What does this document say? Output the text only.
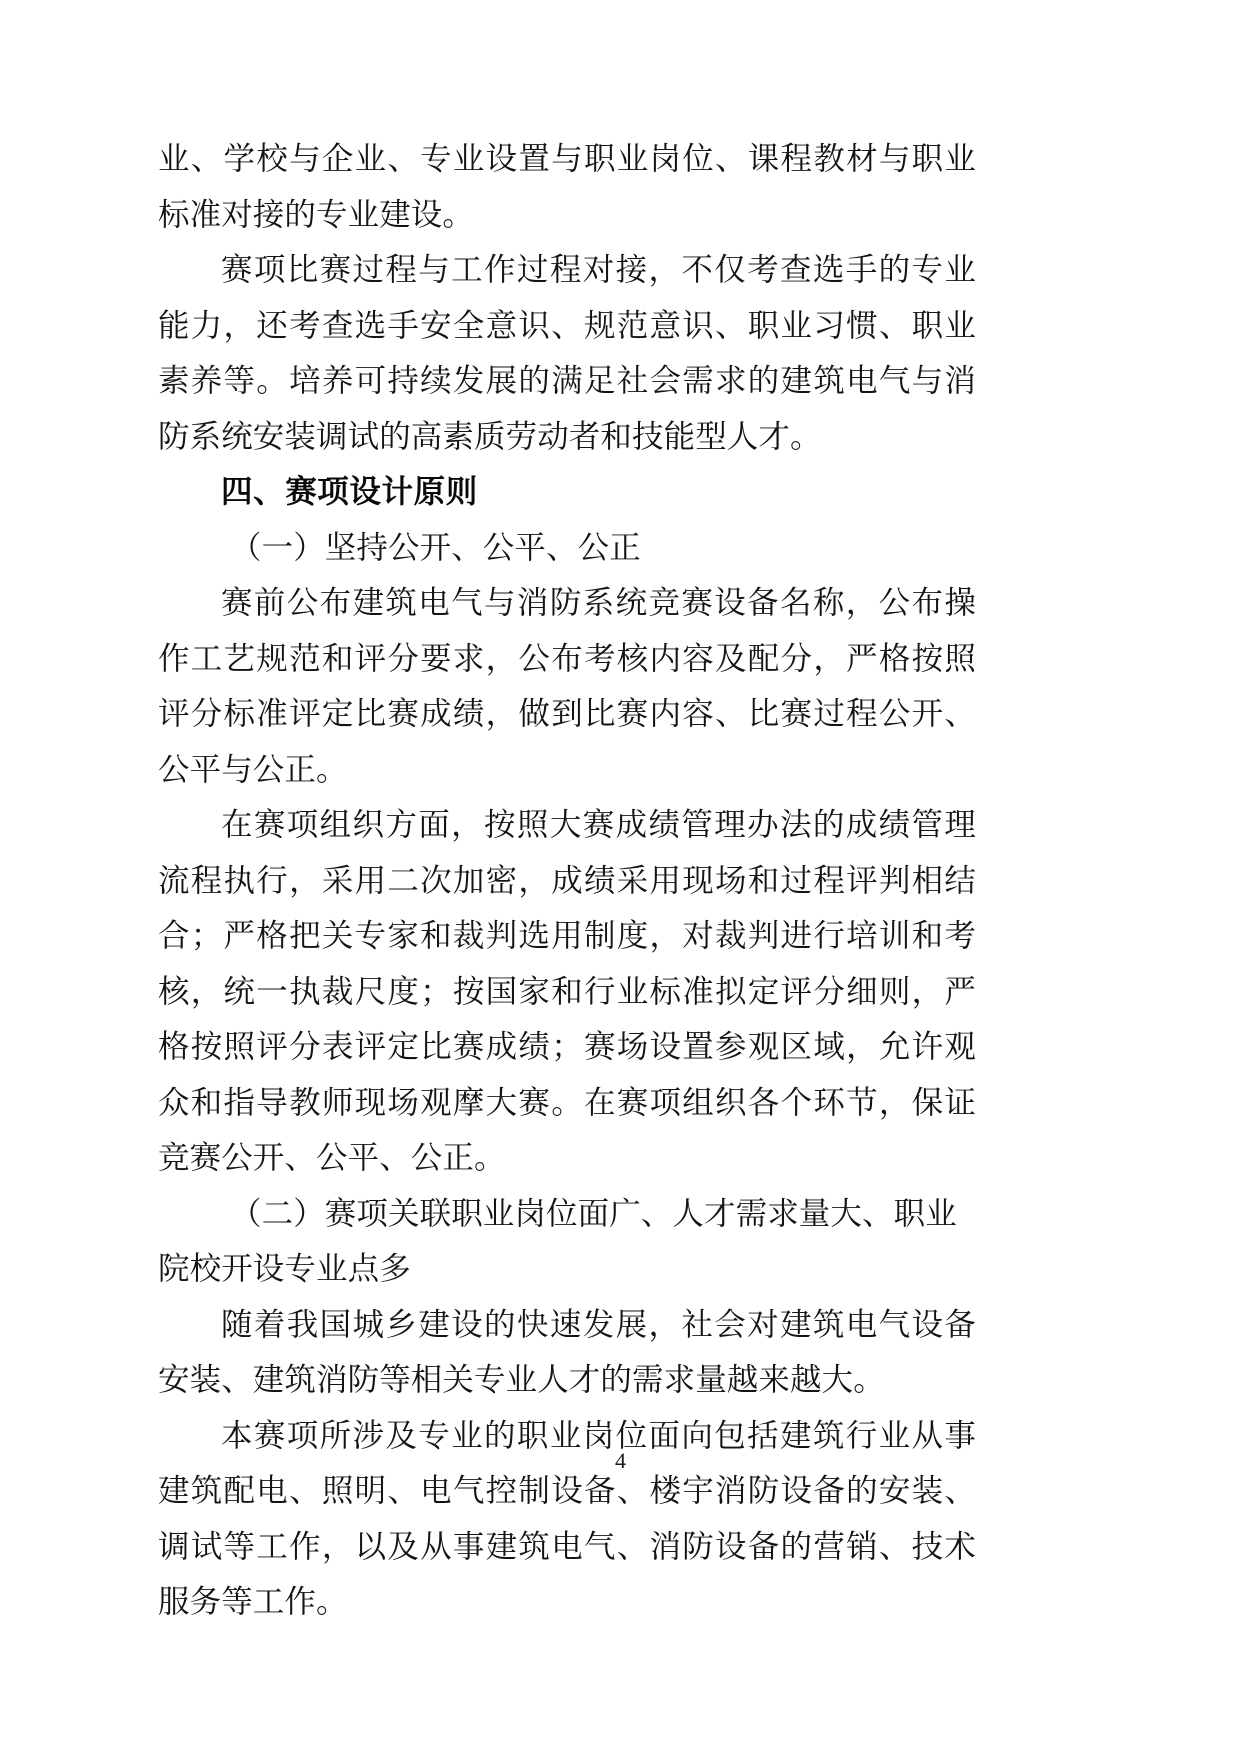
业、学校与企业、专业设置与职业岗位、课程教材与职业标准对接的专业建设。

赛项比赛过程与工作过程对接，不仅考查选手的专业能力，还考查选手安全意识、规范意识、职业习惯、职业素养等。培养可持续发展的满足社会需求的建筑电气与消防系统安装调试的高素质劳动者和技能型人才。

四、赛项设计原则

（一）坚持公开、公平、公正

赛前公布建筑电气与消防系统竞赛设备名称，公布操作工艺规范和评分要求，公布考核内容及配分，严格按照评分标准评定比赛成绩，做到比赛内容、比赛过程公开、公平与公正。

在赛项组织方面，按照大赛成绩管理办法的成绩管理流程执行，采用二次加密，成绩采用现场和过程评判相结合；严格把关专家和裁判选用制度，对裁判进行培训和考核，统一执裁尺度；按国家和行业标准拟定评分细则，严格按照评分表评定比赛成绩；赛场设置参观区域，允许观众和指导教师现场观摩大赛。在赛项组织各个环节，保证竞赛公开、公平、公正。

（二）赛项关联职业岗位面广、人才需求量大、职业院校开设专业点多

随着我国城乡建设的快速发展，社会对建筑电气设备安装、建筑消防等相关专业人才的需求量越来越大。

本赛项所涉及专业的职业岗位面向包括建筑行业从事建筑配电、照明、电气控制设备、楼宇消防设备的安装、调试等工作，以及从事建筑电气、消防设备的营销、技术服务等工作。

4
